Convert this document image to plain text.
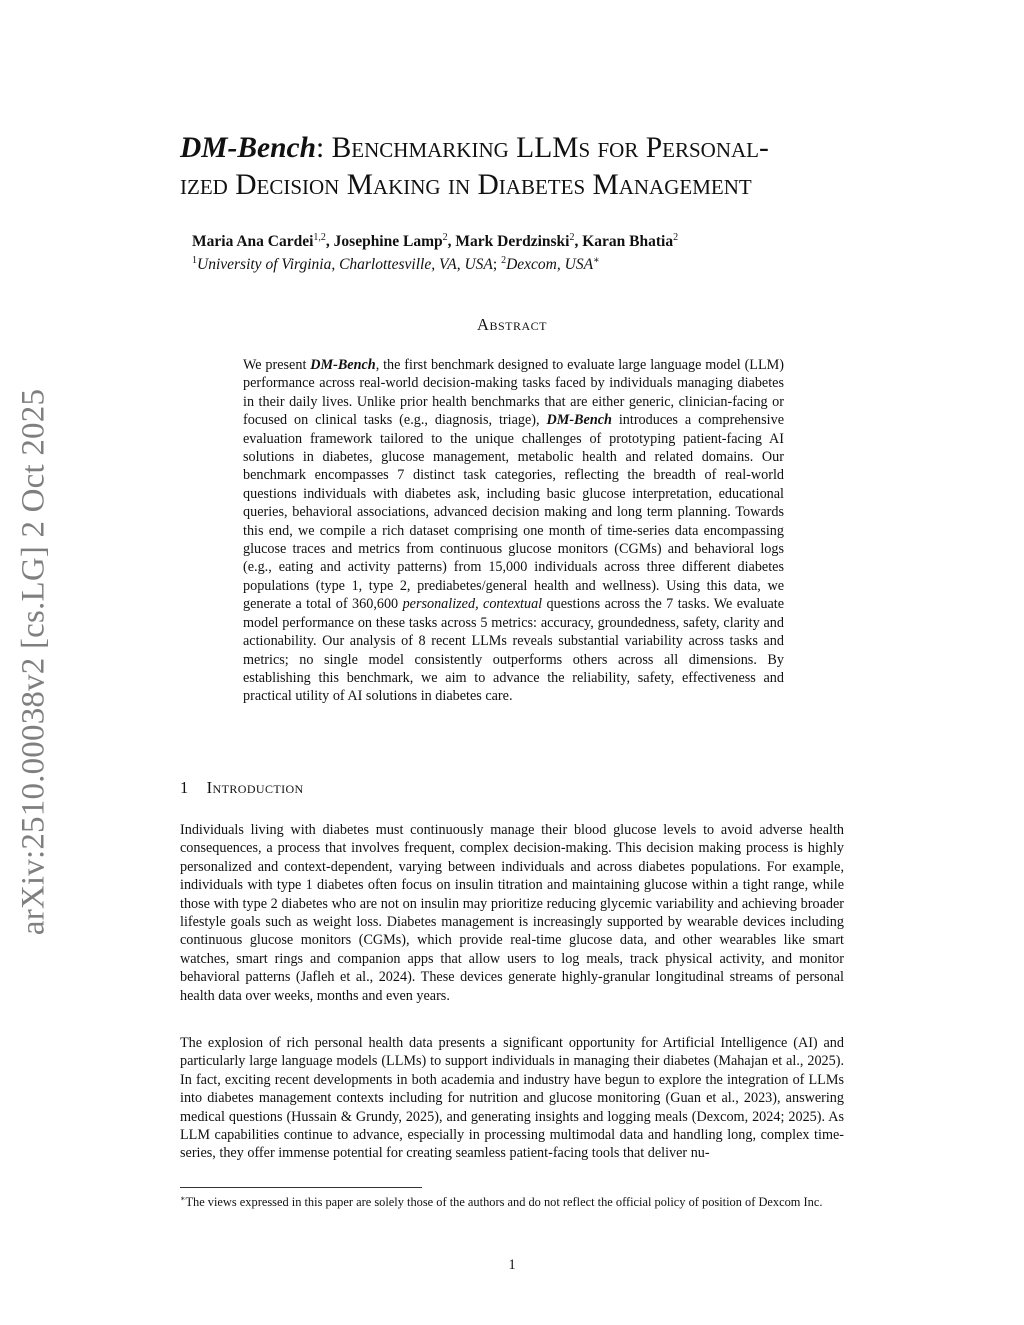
arXiv:2510.00038v2 [cs.LG] 2 Oct 2025
DM-Bench: Benchmarking LLMs for Personal-
ized Decision Making in Diabetes Management
Maria Ana Cardei$^{1,2}$, Josephine Lamp$^2$, Mark Derdzinski$^2$, Karan Bhatia$^2$
$^1$University of Virginia, Charlottesville, VA, USA; $^2$Dexcom, USA∗
Abstract

We present DM-Bench, the first benchmark designed to evaluate large language model (LLM) performance across real-world decision-making tasks faced by individuals managing diabetes in their daily lives. Unlike prior health benchmarks that are either generic, clinician-facing or focused on clinical tasks (e.g., diagnosis, triage), DM-Bench introduces a comprehensive evaluation framework tailored to the unique challenges of prototyping patient-facing AI solutions in diabetes, glucose management, metabolic health and related domains. Our benchmark encompasses 7 distinct task categories, reflecting the breadth of real-world questions individuals with diabetes ask, including basic glucose interpretation, educational queries, behavioral associations, advanced decision making and long term planning. Towards this end, we compile a rich dataset comprising one month of time-series data encompassing glucose traces and metrics from continuous glucose monitors (CGMs) and behavioral logs (e.g., eating and activity patterns) from 15,000 individuals across three different diabetes populations (type 1, type 2, prediabetes/general health and wellness). Using this data, we generate a total of 360,600 personalized, contextual questions across the 7 tasks. We evaluate model performance on these tasks across 5 metrics: accuracy, groundedness, safety, clarity and actionability. Our analysis of 8 recent LLMs reveals substantial variability across tasks and metrics; no single model consistently outperforms others across all dimensions. By establishing this benchmark, we aim to advance the reliability, safety, effectiveness and practical utility of AI solutions in diabetes care.

1 Introduction

Individuals living with diabetes must continuously manage their blood glucose levels to avoid adverse health consequences, a process that involves frequent, complex decision-making. This decision making process is highly personalized and context-dependent, varying between individuals and across diabetes populations. For example, individuals with type 1 diabetes often focus on insulin titration and maintaining glucose within a tight range, while those with type 2 diabetes who are not on insulin may prioritize reducing glycemic variability and achieving broader lifestyle goals such as weight loss. Diabetes management is increasingly supported by wearable devices including continuous glucose monitors (CGMs), which provide real-time glucose data, and other wearables like smart watches, smart rings and companion apps that allow users to log meals, track physical activity, and monitor behavioral patterns (Jafleh et al., 2024). These devices generate highly-granular longitudinal streams of personal health data over weeks, months and even years.

The explosion of rich personal health data presents a significant opportunity for Artificial Intelligence (AI) and particularly large language models (LLMs) to support individuals in managing their diabetes (Mahajan et al., 2025). In fact, exciting recent developments in both academia and industry have begun to explore the integration of LLMs into diabetes management contexts including for nutrition and glucose monitoring (Guan et al., 2023), answering medical questions (Hussain & Grundy, 2025), and generating insights and logging meals (Dexcom, 2024; 2025). As LLM capabilities continue to advance, especially in processing multimodal data and handling long, complex time-series, they offer immense potential for creating seamless patient-facing tools that deliver nu-

∗The views expressed in this paper are solely those of the authors and do not reflect the official policy of position of Dexcom Inc.

1
